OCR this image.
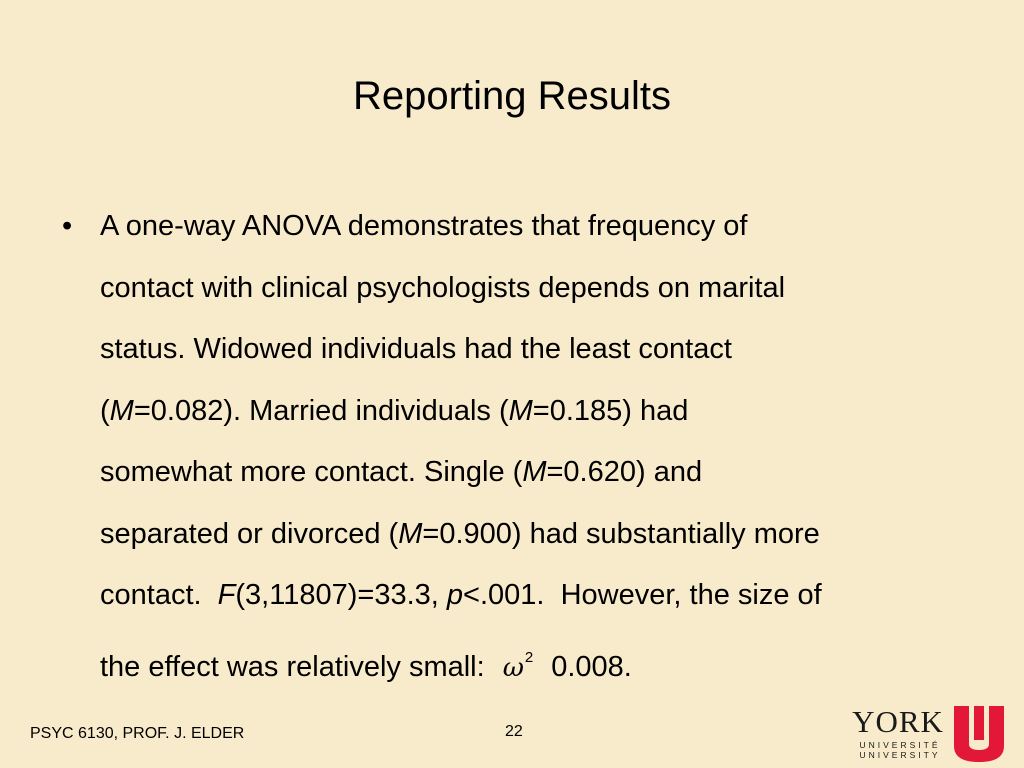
Reporting Results
• A one-way ANOVA demonstrates that frequency of
contact with clinical psychologists depends on marital
status. Widowed individuals had the least contact
(M=0.082). Married individuals (M=0.185) had
somewhat more contact. Single (M=0.620) and
separated or divorced (M=0.900) had substantially more
contact.  F(3,11807)=33.3, p<.001.  However, the size of
the effect was relatively small: $\omega^2$ 0.008.
PSYC 6130, PROF. J. ELDER	22	YORK
UNIVERSITÉ
UNIVERSITY
